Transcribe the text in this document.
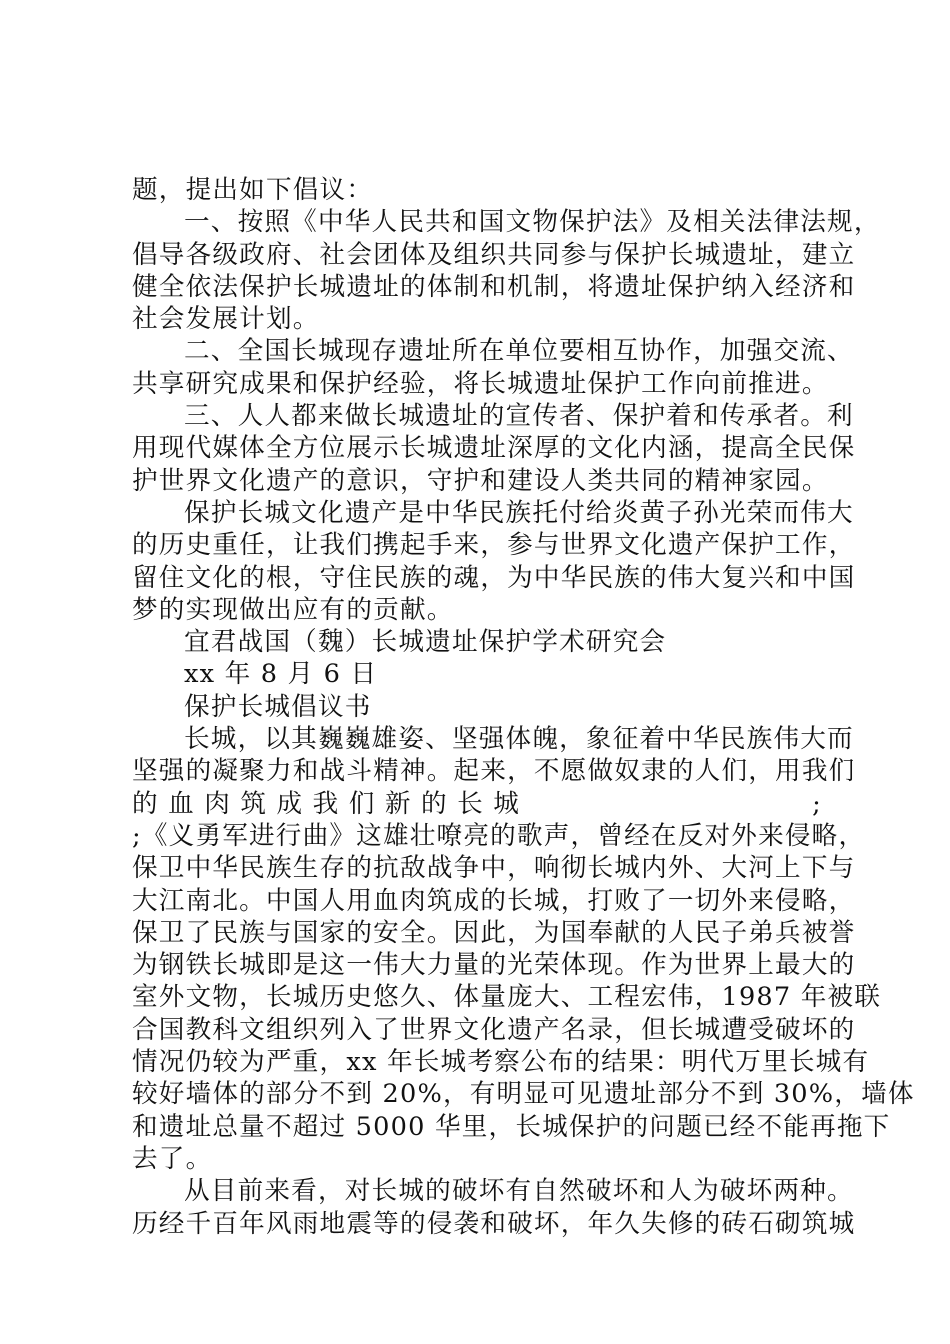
题，提出如下倡议：
一、按照《中华人民共和国文物保护法》及相关法律法规，
倡导各级政府、社会团体及组织共同参与保护长城遗址，建立
健全依法保护长城遗址的体制和机制，将遗址保护纳入经济和
社会发展计划。
二、全国长城现存遗址所在单位要相互协作，加强交流、
共享研究成果和保护经验，将长城遗址保护工作向前推进。
三、人人都来做长城遗址的宣传者、保护着和传承者。利
用现代媒体全方位展示长城遗址深厚的文化内涵，提高全民保
护世界文化遗产的意识，守护和建设人类共同的精神家园。
保护长城文化遗产是中华民族托付给炎黄子孙光荣而伟大
的历史重任，让我们携起手来，参与世界文化遗产保护工作，
留住文化的根，守住民族的魂，为中华民族的伟大复兴和中国
梦的实现做出应有的贡献。
宜君战国（魏）长城遗址保护学术研究会
xx 年 8 月 6 日
保护长城倡议书
长城，以其巍巍雄姿、坚强体魄，象征着中华民族伟大而
坚强的凝聚力和战斗精神。起来，不愿做奴隶的人们，用我们
的 血 肉 筑 成 我 们 新 的 长 城	;
;《义勇军进行曲》这雄壮嘹亮的歌声，曾经在反对外来侵略，
保卫中华民族生存的抗敌战争中，响彻长城内外、大河上下与
大江南北。中国人用血肉筑成的长城，打败了一切外来侵略，
保卫了民族与国家的安全。因此，为国奉献的人民子弟兵被誉
为钢铁长城即是这一伟大力量的光荣体现。作为世界上最大的
室外文物，长城历史悠久、体量庞大、工程宏伟，1987 年被联
合国教科文组织列入了世界文化遗产名录，但长城遭受破坏的
情况仍较为严重，xx 年长城考察公布的结果：明代万里长城有
较好墙体的部分不到 20%，有明显可见遗址部分不到 30%，墙体
和遗址总量不超过 5000 华里，长城保护的问题已经不能再拖下
去了。
从目前来看，对长城的破坏有自然破坏和人为破坏两种。
历经千百年风雨地震等的侵袭和破坏，年久失修的砖石砌筑城
